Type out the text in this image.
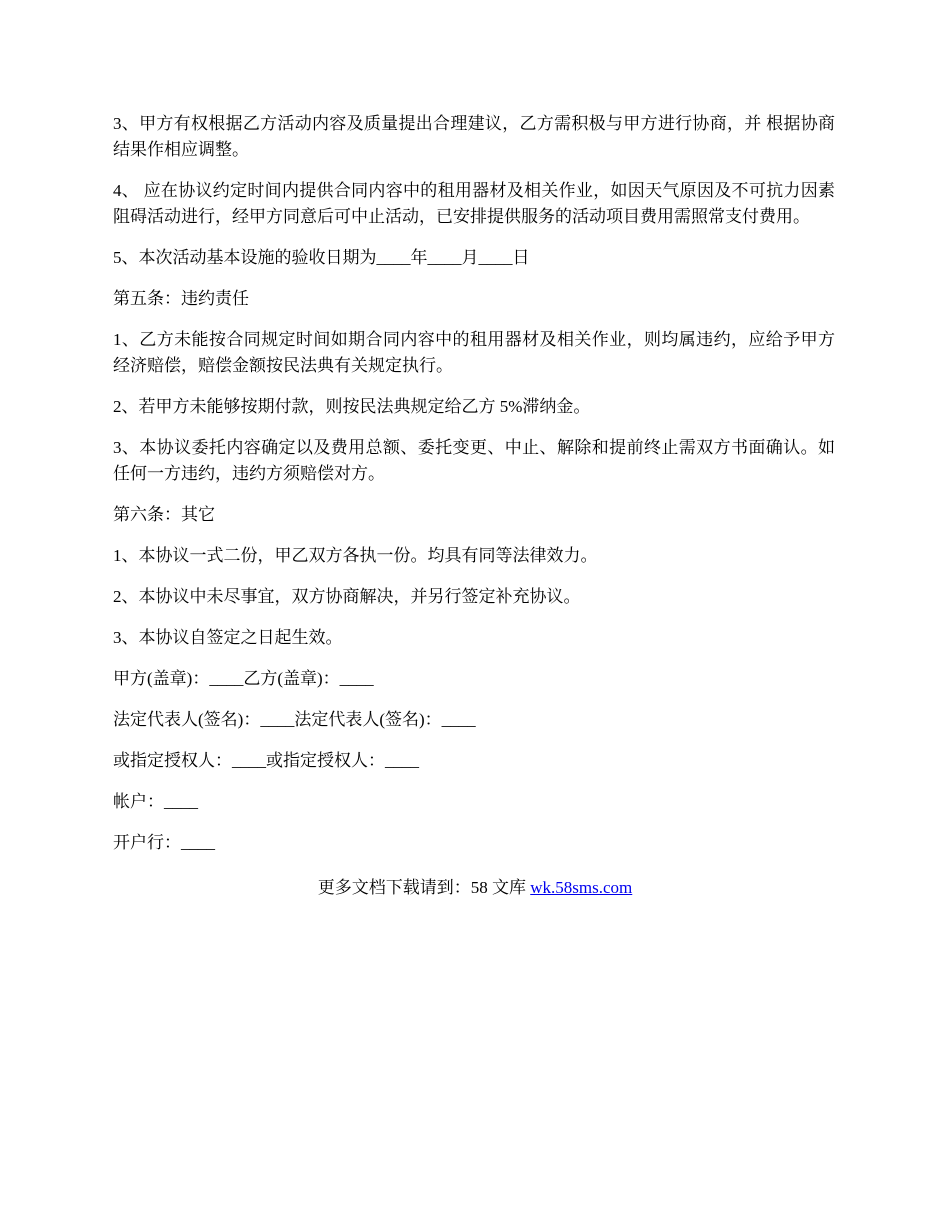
3、甲方有权根据乙方活动内容及质量提出合理建议，乙方需积极与甲方进行协商，并 根据协商结果作相应调整。

4、 应在协议约定时间内提供合同内容中的租用器材及相关作业，如因天气原因及不可抗力因素阻碍活动进行，经甲方同意后可中止活动，已安排提供服务的活动项目费用需照常支付费用。

5、本次活动基本设施的验收日期为____年____月____日

第五条：违约责任

1、乙方未能按合同规定时间如期合同内容中的租用器材及相关作业，则均属违约，应给予甲方经济赔偿，赔偿金额按民法典有关规定执行。

2、若甲方未能够按期付款，则按民法典规定给乙方 5%滞纳金。

3、本协议委托内容确定以及费用总额、委托变更、中止、解除和提前终止需双方书面确认。如任何一方违约，违约方须赔偿对方。

第六条：其它

1、本协议一式二份，甲乙双方各执一份。均具有同等法律效力。

2、本协议中未尽事宜，双方协商解决，并另行签定补充协议。

3、本协议自签定之日起生效。

甲方(盖章)：____乙方(盖章)：____

法定代表人(签名)：____法定代表人(签名)：____

或指定授权人：____或指定授权人：____

帐户：____

开户行：____

更多文档下载请到：58 文库 wk.58sms.com
